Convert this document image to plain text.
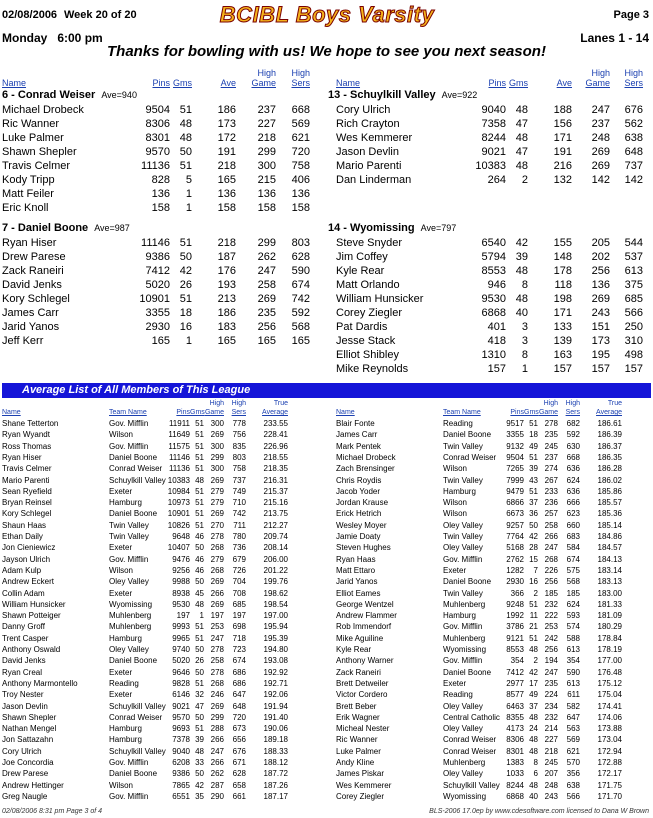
02/08/2006 Week 20 of 20	BCIBL Boys Varsity	Page 3
Monday   6:00 pm	Lanes 1 - 14
Thanks for bowling with us! We hope to see you next season!
Name	Pins Gms	Ave
High
Game
High
Sers	Name	Pins Gms	Ave
High
Game
High
Sers
6 - Conrad Weiser Ave=940
Michael Drobeck	9504 51	186	237	668
Ric Wanner	8306 48	173	227	569
Luke Palmer	8301 48	172	218	621
Shawn Shepler	9570 50	191	299	720
Travis Celmer	11136 51	218	300	758
Kody Tripp	828	5	165	215	406
Matt Feiler	136	1	136	136	136
Eric Knoll	158	1	158	158	158
7 - Daniel Boone Ave=987
Ryan Hiser	11146 51	218	299	803
Drew Parese	9386 50	187	262	628
Zack Raneiri	7412 42	176	247	590
David Jenks	5020 26	193	258	674
Kory Schlegel	10901 51	213	269	742
James Carr	3355 18	186	235	592
Jarid Yanos	2930 16	183	256	568
Jeff Kerr	165	1	165	165	165
13 - Schuylkill Valley Ave=922
Cory Ulrich	9040 48	188	247	676
Rich Crayton	7358 47	156	237	562
Wes Kemmerer	8244 48	171	248	638
Jason Devlin	9021 47	191	269	648
Mario Parenti	10383 48	216	269	737
Dan Linderman	264	2	132	142	142
14 - Wyomissing Ave=797
Steve Snyder	6540 42	155	205	544
Jim Coffey	5794 39	148	202	537
Kyle Rear	8553 48	178	256	613
Matt Orlando	946	8	118	136	375
William Hunsicker	9530 48	198	269	685
Corey Ziegler	6868 40	171	243	566
Pat Dardis	401	3	133	151	250
Jesse Stack	418	3	139	173	310
Elliot Shibley	1310	8	163	195	498
Mike Reynolds	157	1	157	157	157
Average List of All Members of This League
Name	Team Name	Pins Gms
High
Game
High
Sers
True
Average	Name	Team Name	Pins Gms
High
Game
High
Sers
True
Average
Shane Tetterton	Gov. Mifflin	11911 51 300	778	233.55
Ryan Wyandt	Wilson	11649 51 269	756	228.41
Ross Thomas	Gov. Mifflin	11575 51 300	835	226.96
Ryan Hiser	Daniel Boone	11146 51 299	803	218.55
Travis Celmer	Conrad Weiser 11136 51 300	758	218.35
Mario Parenti	Schuylkill Valley 10383 48 269	737	216.31
Sean Ryefield	Exeter	10984 51 279	749	215.37
Bryan Reinsel	Hamburg	10973 51 279	710	215.16
Kory Schlegel	Daniel Boone	10901 51 269	742	213.75
Shaun Haas	Twin Valley	10826 51 270	711	212.27
Ethan Daily	Twin Valley	9648 46 278	780	209.74
Jon Cieniewicz	Exeter	10407 50 268	736	208.14
Jayson Ulrich	Gov. Mifflin	9476 46 279	679	206.00
Adam Kulp	Wilson	9256 46 268	726	201.22
Andrew Eckert	Oley Valley	9988 50 269	704	199.76
Collin Adam	Exeter	8938 45 266	708	198.62
William Hunsicker	Wyomissing	9530 48 269	685	198.54
Shawn Potteiger	Muhlenberg	197	1 197	197	197.00
Danny Groff	Muhlenberg	9993 51 253	698	195.94
Trent Casper	Hamburg	9965 51 247	718	195.39
Anthony Oswald	Oley Valley	9740 50 278	723	194.80
David Jenks	Daniel Boone	5020 26 258	674	193.08
Ryan Creal	Exeter	9646 50 278	686	192.92
Anthony Marmontello	Reading	9828 51 268	686	192.71
Troy Nester	Exeter	6146 32 246	647	192.06
Jason Devlin	Schuylkill Valley 9021 47 269	648	191.94
Shawn Shepler	Conrad Weiser	9570 50 299	720	191.40
Nathan Mengel	Hamburg	9693 51 288	673	190.06
Jon Sattazahn	Hamburg	7378 39 266	656	189.18
Cory Ulrich	Schuylkill Valley 9040 48 247	676	188.33
Joe Concordia	Gov. Mifflin	6208 33 266	671	188.12
Drew Parese	Daniel Boone	9386 50 262	628	187.72
Andrew Hettinger	Wilson	7865 42 287	658	187.26
Greg Naugle	Gov. Mifflin	6551 35 290	661	187.17
Blair Fonte	Reading	9517 51 278	682	186.61
James Carr	Daniel Boone	3355 18 235	592	186.39
Mark Pentek	Twin Valley	9132 49 245	630	186.37
Michael Drobeck	Conrad Weiser	9504 51 237	668	186.35
Zach Brensinger	Wilson	7265 39 274	636	186.28
Chris Roydis	Twin Valley	7999 43 267	624	186.02
Jacob Yoder	Hamburg	9479 51 233	636	185.86
Jordan Krause	Wilson	6866 37 236	666	185.57
Erick Hetrich	Wilson	6673 36 257	623	185.36
Wesley Moyer	Oley Valley	9257 50 258	660	185.14
Jamie Doaty	Twin Valley	7764 42 266	683	184.86
Steven Hughes	Oley Valley	5168 28 247	584	184.57
Ryan Haas	Gov. Mifflin	2762 15 268	674	184.13
Matt Ettaro	Exeter	1282	7 226	575	183.14
Jarid Yanos	Daniel Boone	2930 16 256	568	183.13
Elliot Eames	Twin Valley	366	2 185	185	183.00
George Wentzel	Muhlenberg	9248 51 232	624	181.33
Andrew Flammer	Hamburg	1992 11 222	593	181.09
Rob Immendorf	Gov. Mifflin	3786 21 253	574	180.29
Mike Aguiline	Muhlenberg	9121 51 242	588	178.84
Kyle Rear	Wyomissing	8553 48 256	613	178.19
Anthony Warner	Gov. Mifflin	354	2 194	354	177.00
Zack Raneiri	Daniel Boone	7412 42 247	590	176.48
Brett Detweiler	Exeter	2977 17 235	613	175.12
Victor Cordero	Reading	8577 49 224	611	175.04
Brett Beber	Oley Valley	6463 37 234	582	174.41
Erik Wagner	Central Catholic 8355 48 232	647	174.06
Micheal Nester	Oley Valley	4173 24 214	563	173.88
Ric Wanner	Conrad Weiser	8306 48 227	569	173.04
Luke Palmer	Conrad Weiser	8301 48 218	621	172.94
Andy Kline	Muhlenberg	1383	8 245	570	172.88
James Piskar	Oley Valley	1033	6 207	356	172.17
Wes Kemmerer	Schuylkill Valley 8244 48 248	638	171.75
Corey Ziegler	Wyomissing	6868 40 243	566	171.70
02/08/2006 8:31 pm Page 3 of 4	BLS-2006 17.0ep by www.cdesoftware.com licensed to Dana W Brown
